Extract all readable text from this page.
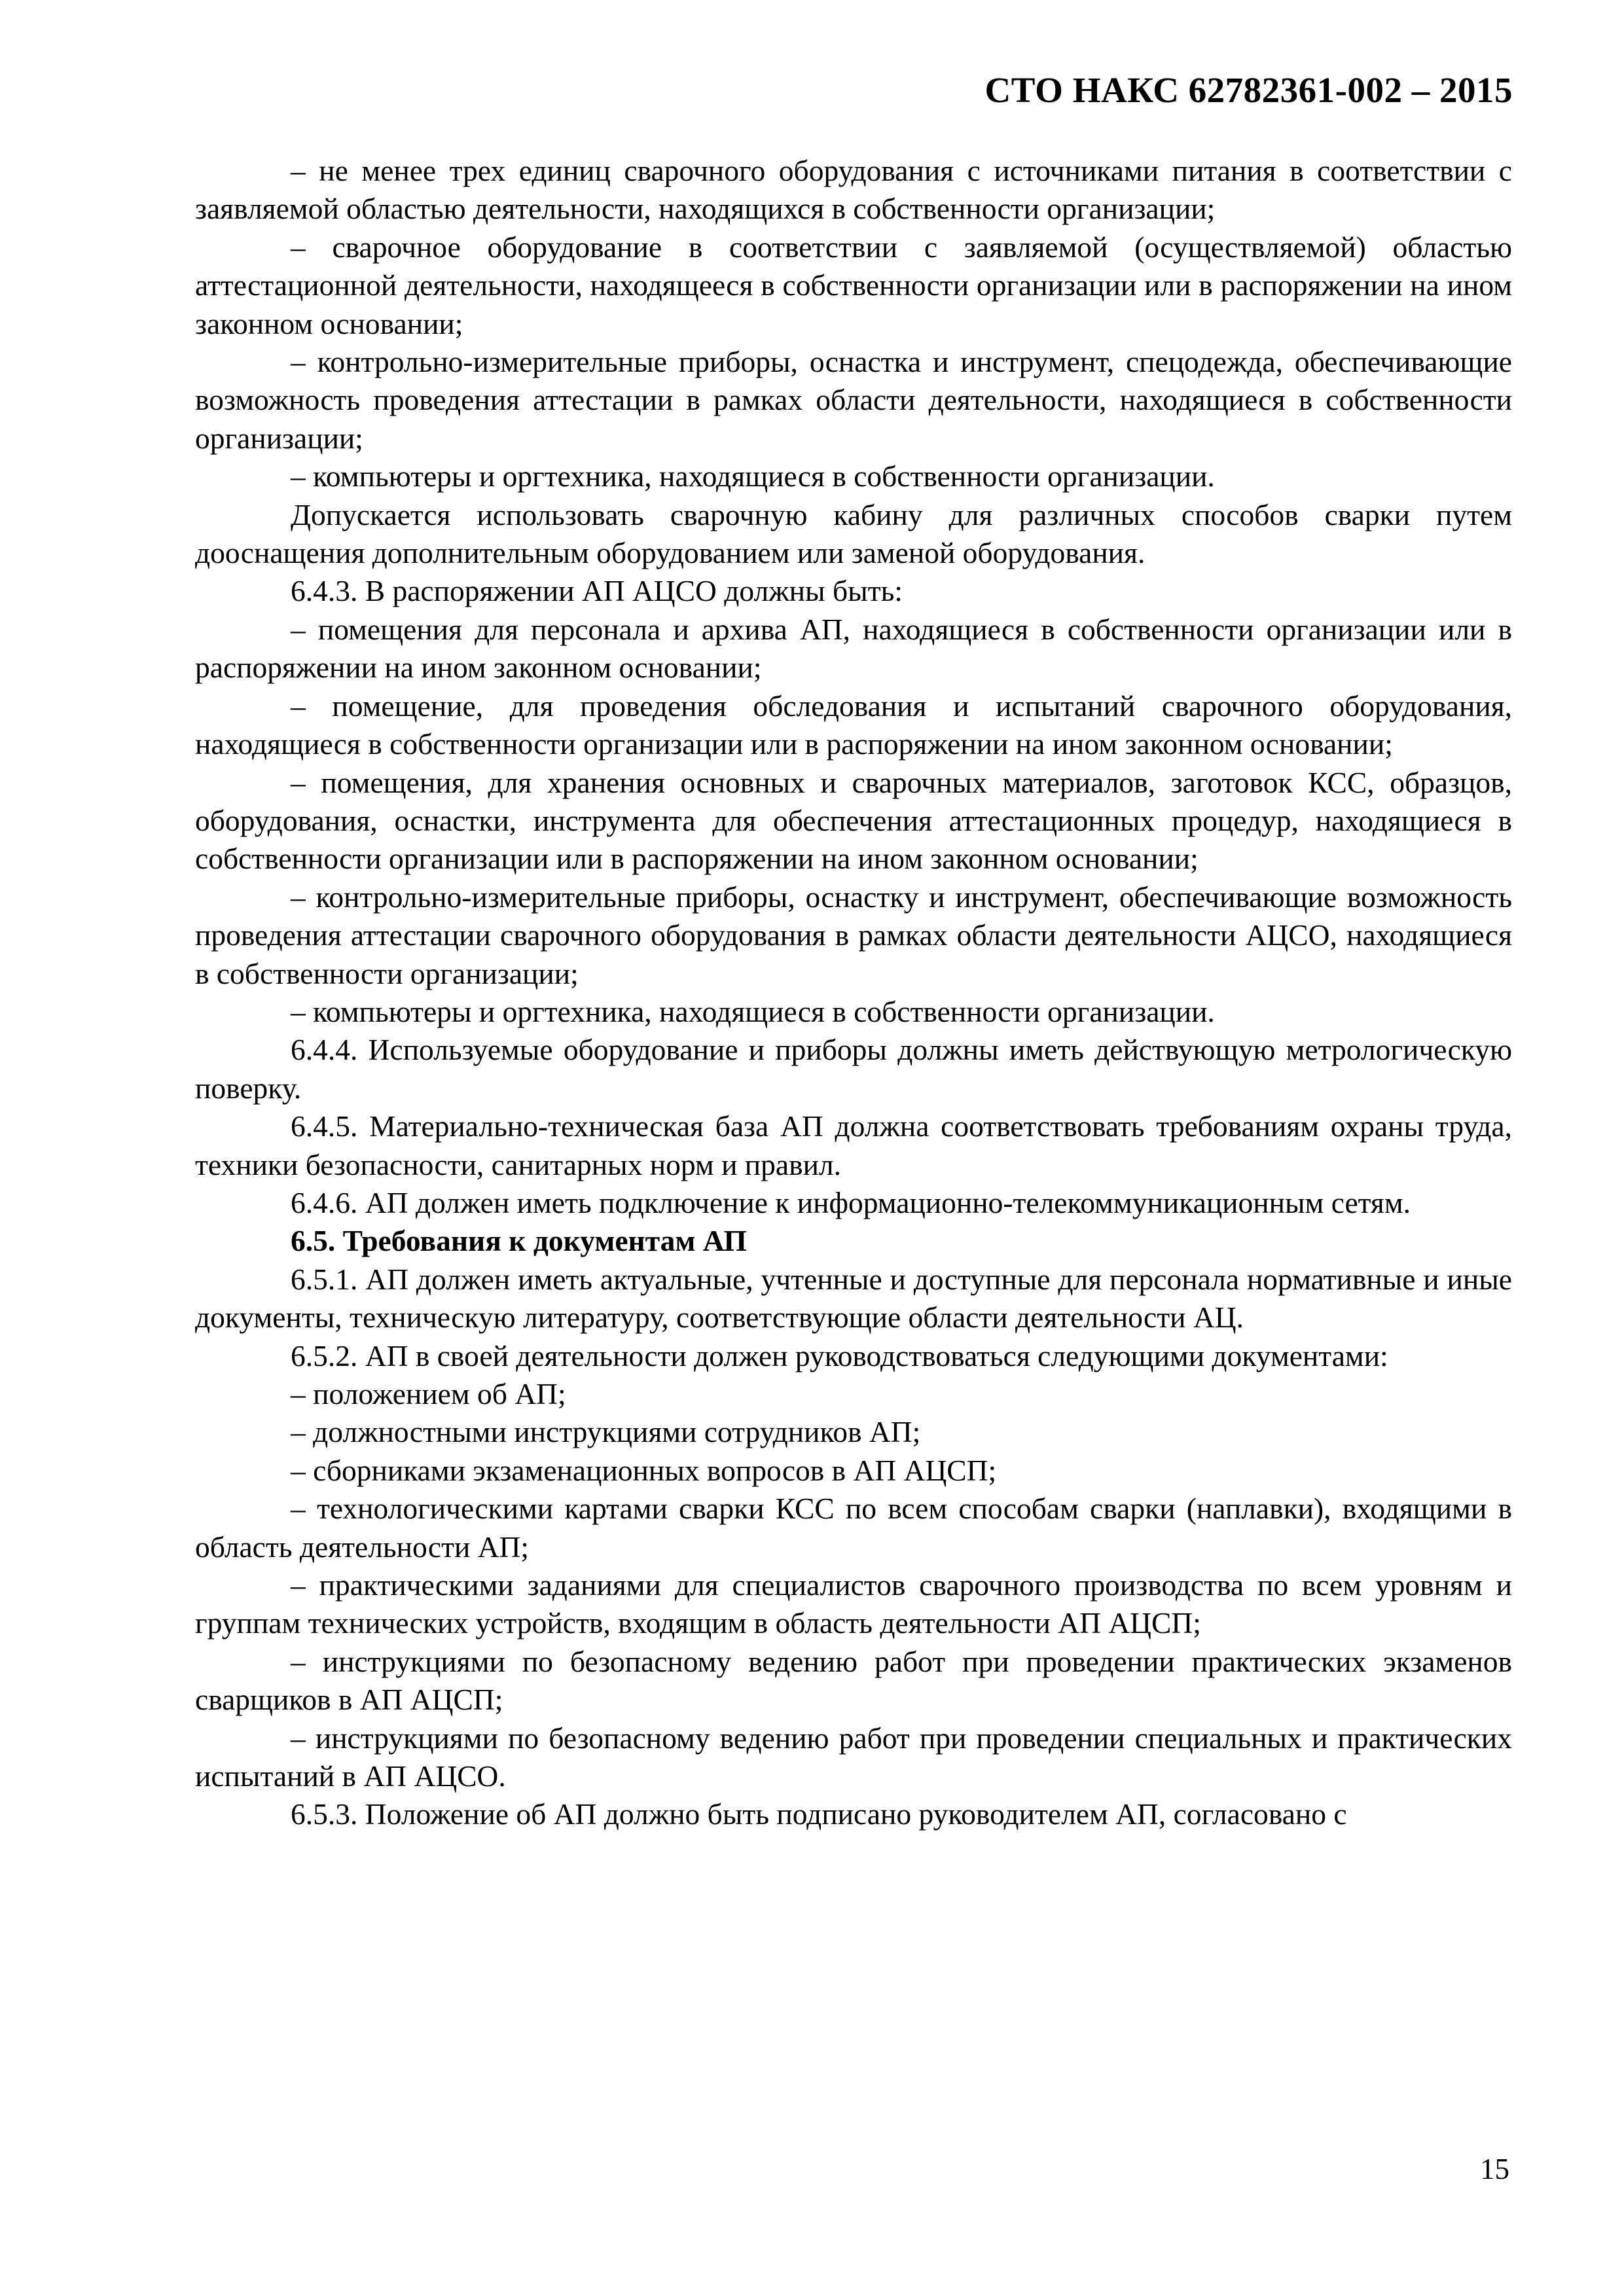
СТО НАКС 62782361-002 – 2015

– не менее трех единиц сварочного оборудования с источниками питания в соответствии с заявляемой областью деятельности, находящихся в собственности организации;

– сварочное оборудование в соответствии с заявляемой (осуществляемой) областью аттестационной деятельности, находящееся в собственности организации или в распоряжении на ином законном основании;

– контрольно-измерительные приборы, оснастка и инструмент, спецодежда, обеспечивающие возможность проведения аттестации в рамках области деятельности, находящиеся в собственности организации;

– компьютеры и оргтехника, находящиеся в собственности организации.

Допускается использовать сварочную кабину для различных способов сварки путем дооснащения дополнительным оборудованием или заменой оборудования.

6.4.3. В распоряжении АП АЦСО должны быть:

– помещения для персонала и архива АП, находящиеся в собственности организации или в распоряжении на ином законном основании;

– помещение, для проведения обследования и испытаний сварочного оборудования, находящиеся в собственности организации или в распоряжении на ином законном основании;

– помещения, для хранения основных и сварочных материалов, заготовок КСС, образцов, оборудования, оснастки, инструмента для обеспечения аттестационных процедур, находящиеся в собственности организации или в распоряжении на ином законном основании;

– контрольно-измерительные приборы, оснастку и инструмент, обеспечивающие возможность проведения аттестации сварочного оборудования в рамках области деятельности АЦСО, находящиеся в собственности организации;

– компьютеры и оргтехника, находящиеся в собственности организации.

6.4.4. Используемые оборудование и приборы должны иметь действующую метрологическую поверку.

6.4.5. Материально-техническая база АП должна соответствовать требованиям охраны труда, техники безопасности, санитарных норм и правил.

6.4.6. АП должен иметь подключение к информационно-телекоммуникационным сетям.

6.5. Требования к документам АП

6.5.1. АП должен иметь актуальные, учтенные и доступные для персонала нормативные и иные документы, техническую литературу, соответствующие области деятельности АЦ.

6.5.2. АП в своей деятельности должен руководствоваться следующими документами:

– положением об АП;

– должностными инструкциями сотрудников АП;

– сборниками экзаменационных вопросов в АП АЦСП;

– технологическими картами сварки КСС по всем способам сварки (наплавки), входящими в область деятельности АП;

– практическими заданиями для специалистов сварочного производства по всем уровням и группам технических устройств, входящим в область деятельности АП АЦСП;

– инструкциями по безопасному ведению работ при проведении практических экзаменов сварщиков в АП АЦСП;

– инструкциями по безопасному ведению работ при проведении специальных и практических испытаний в АП АЦСО.

6.5.3. Положение об АП должно быть подписано руководителем АП, согласовано с

15
